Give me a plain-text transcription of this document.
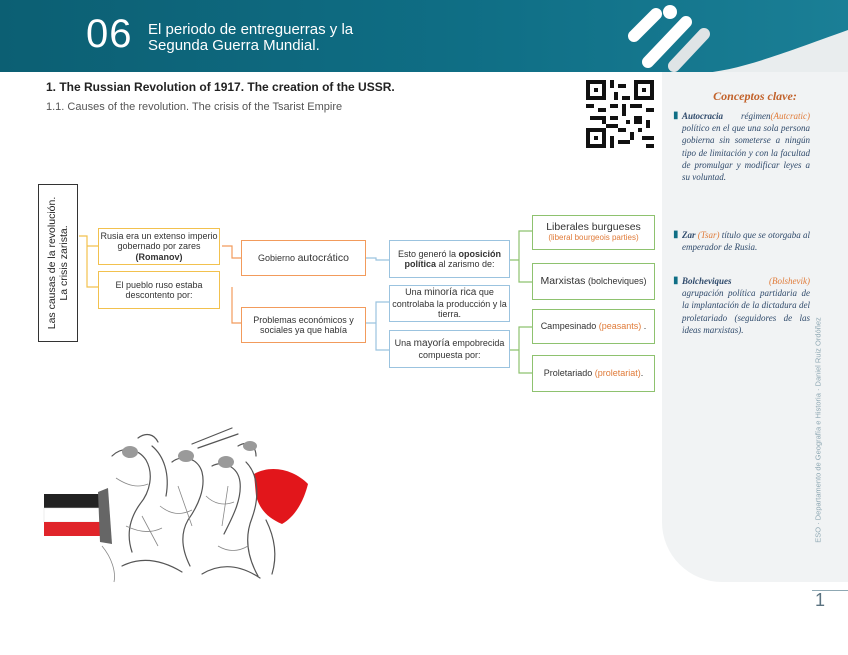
06 El periodo de entreguerras y la
Segunda Guerra Mundial.
Conceptos clave:
▮ Autocracia	(Autcratic)
régimen político en el que una sola persona gobierna sin someterse a ningún tipo de limitación y con la facultad de promulgar y modificar leyes a su voluntad.
▮ Zar (Tsar) título que se otorgaba al emperador de Rusia.
▮ Bolcheviques	(Bolshevik)
agrupación política partidaria de la implantación de la dictadura del proletariado (seguidores de las ideas marxistas).	ESO · Departamento de Geografía e Historia · Daniel Ruiz Ordóñez
1
1. The Russian Revolution of 1917. The creation of the USSR.
1.1. Causes of the revolution. The crisis of the Tsarist Empire
Las causas de la revolución. La crisis zarista.	Rusia era un extenso imperio gobernado por zares (Romanov)
El pueblo ruso estaba descontento por:
Gobierno autocrático
Problemas económicos y sociales ya que había
Esto generó la oposición
política al zarismo de:
Una minoría rica que controlaba la producción y la tierra.
Una mayoría empobrecida compuesta por:
Liberales burgueses
(liberal bourgeois parties)
Marxistas (bolcheviques)
Campesinado (peasants) .
Proletariado (proletariat).
